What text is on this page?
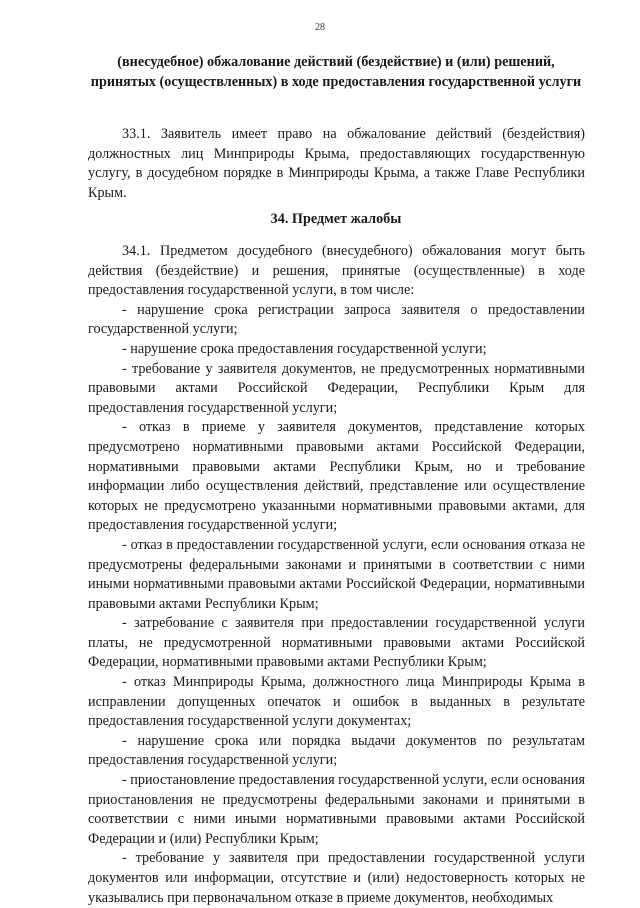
28
(внесудебное) обжалование действий (бездействие) и (или) решений, принятых (осуществленных) в ходе предоставления государственной услуги
33.1. Заявитель имеет право на обжалование действий (бездействия) должностных лиц Минприроды Крыма, предоставляющих государственную услугу, в досудебном порядке в Минприроды Крыма, а также Главе Республики Крым.
34. Предмет жалобы
34.1. Предметом досудебного (внесудебного) обжалования могут быть действия (бездействие) и решения, принятые (осуществленные) в ходе предоставления государственной услуги, в том числе:
- нарушение срока регистрации запроса заявителя о предоставлении государственной услуги;
- нарушение срока предоставления государственной услуги;
- требование у заявителя документов, не предусмотренных нормативными правовыми актами Российской Федерации, Республики Крым для предоставления государственной услуги;
- отказ в приеме у заявителя документов, представление которых предусмотрено нормативными правовыми актами Российской Федерации, нормативными правовыми актами Республики Крым, но и требование информации либо осуществления действий, представление или осуществление которых не предусмотрено указанными нормативными правовыми актами, для предоставления государственной услуги;
- отказ в предоставлении государственной услуги, если основания отказа не предусмотрены федеральными законами и принятыми в соответствии с ними иными нормативными правовыми актами Российской Федерации, нормативными правовыми актами Республики Крым;
- затребование с заявителя при предоставлении государственной услуги платы, не предусмотренной нормативными правовыми актами Российской Федерации, нормативными правовыми актами Республики Крым;
- отказ Минприроды Крыма, должностного лица Минприроды Крыма в исправлении допущенных опечаток и ошибок в выданных в результате предоставления государственной услуги документах;
- нарушение срока или порядка выдачи документов по результатам предоставления государственной услуги;
- приостановление предоставления государственной услуги, если основания приостановления не предусмотрены федеральными законами и принятыми в соответствии с ними иными нормативными правовыми актами Российской Федерации и (или) Республики Крым;
- требование у заявителя при предоставлении государственной услуги документов или информации, отсутствие и (или) недостоверность которых не указывались при первоначальном отказе в приеме документов, необходимых
